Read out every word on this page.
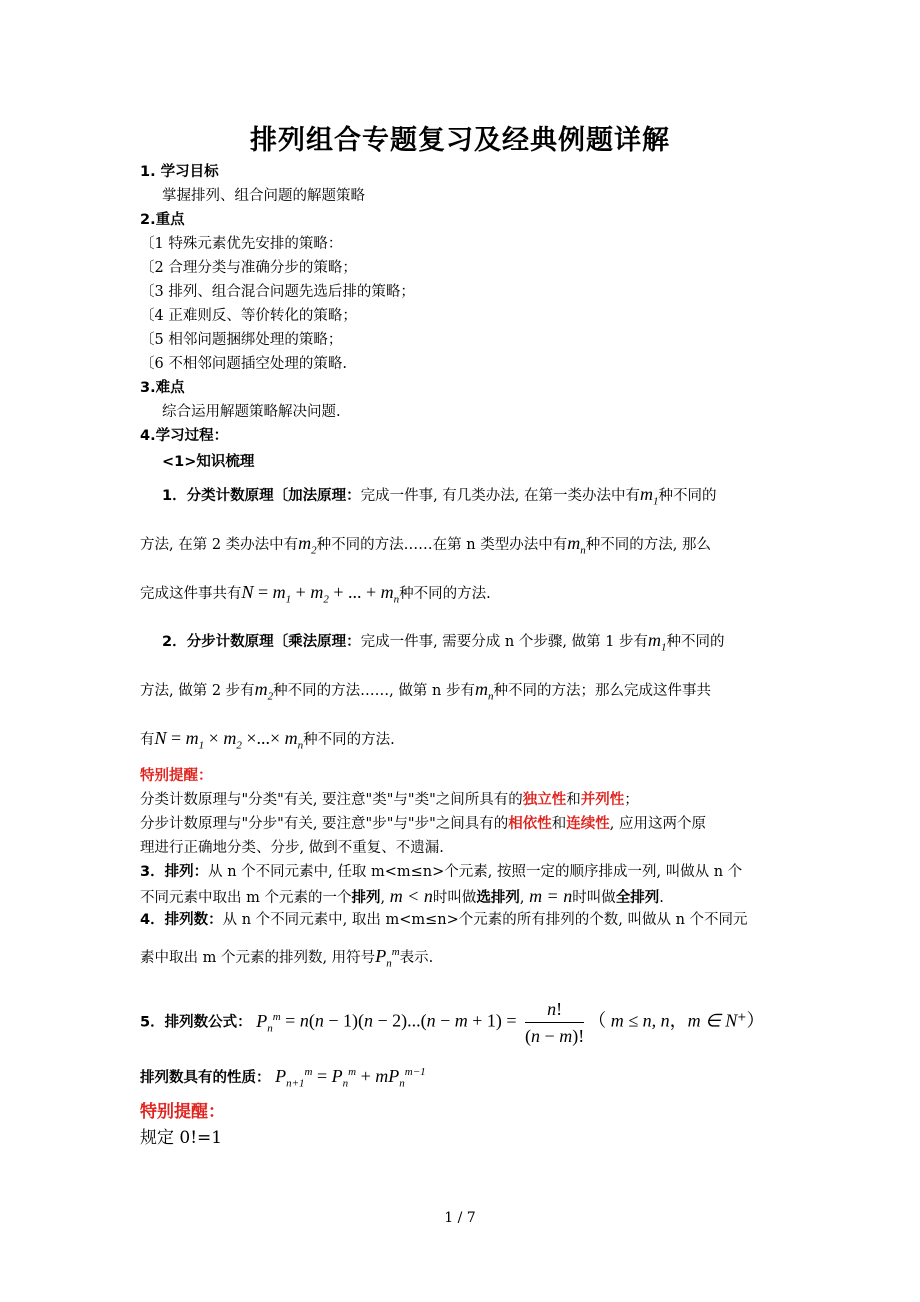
排列组合专题复习及经典例题详解
1. 学习目标
掌握排列、组合问题的解题策略
2.重点
〔1 特殊元素优先安排的策略：
〔2 合理分类与准确分步的策略；
〔3 排列、组合混合问题先选后排的策略；
〔4 正难则反、等价转化的策略；
〔5 相邻问题捆绑处理的策略；
〔6 不相邻问题插空处理的策略.
3.难点
综合运用解题策略解决问题.
4.学习过程：
<1>知识梳理
1．分类计数原理〔加法原理：完成一件事, 有几类办法, 在第一类办法中有$m_1$种不同的
方法, 在第 2 类办法中有$m_2$种不同的方法……在第 n 类型办法中有$m_n$种不同的方法, 那么
完成这件事共有$N = m_1 + m_2$ + ... + $m_n$种不同的方法.
2．分步计数原理〔乘法原理：完成一件事, 需要分成 n 个步骤, 做第 1 步有$m_1$种不同的
方法, 做第 2 步有$m_2$种不同的方法……, 做第 n 步有$m_n$种不同的方法；那么完成这件事共
有$N = m_1 \times m_2$ ×...× $m_n$种不同的方法.
特别提醒：
分类计数原理与"分类"有关, 要注意"类"与"类"之间所具有的独立性和并列性；
分步计数原理与"分步"有关, 要注意"步"与"步"之间具有的相依性和连续性, 应用这两个原
理进行正确地分类、分步, 做到不重复、不遗漏.
3．排列：从 n 个不同元素中, 任取 m<m≤n>个元素, 按照一定的顺序排成一列, 叫做从 n 个
不同元素中取出 m 个元素的一个排列, m < n时叫做选排列, m = n时叫做全排列.
4．排列数：从 n 个不同元素中, 取出 m<m≤n>个元素的所有排列的个数, 叫做从 n 个不同元
素中取出 m 个元素的排列数, 用符号$P_n^m$表示.
5．排列数公式： $P_n^m = n(n - 1)(n - 2)...(n - m + 1) = \frac{n!}{(n - m)!}$ （ m ≤ n, n，m ∈ N+）
排列数具有的性质： $P_{n+1}^m = P_n^m + mP_n^{m-1}$
特别提醒：
规定 0!=1
1 / 7
